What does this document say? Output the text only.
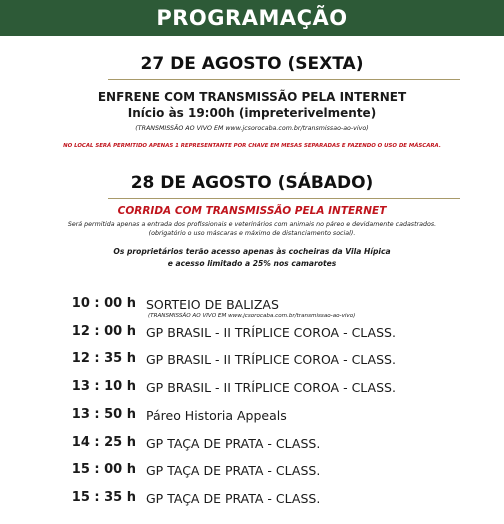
PROGRAMAÇÃO
27 DE AGOSTO (SEXTA)
ENFRENE COM TRANSMISSÃO PELA INTERNET
Início às 19:00h (impreterivelmente)
(TRANSMISSÃO AO VIVO EM www.jcsorocaba.com.br/transmissao-ao-vivo)
NO LOCAL SERÁ PERMITIDO APENAS 1 REPRESENTANTE POR CHAVE EM MESAS SEPARADAS E FAZENDO O USO DE MÁSCARA.
28 DE AGOSTO (SÁBADO)
CORRIDA COM TRANSMISSÃO PELA INTERNET
Será permitida apenas a entrada dos profissionais e veterinários com animais no páreo e devidamente cadastrados.
(obrigatório o uso máscaras e máximo de distanciamento social).
Os proprietários terão acesso apenas às cocheiras da Vila Hípica
e acesso limitado a 25% nos camarotes
10 : 00 h SORTEIO DE BALIZAS
(TRANSMISSÃO AO VIVO EM www.jcsorocaba.com.br/transmissao-ao-vivo)
12 : 00 h GP BRASIL - II TRÍPLICE COROA - CLASS.
12 : 35 h GP BRASIL - II TRÍPLICE COROA - CLASS.
13 : 10 h GP BRASIL - II TRÍPLICE COROA - CLASS.
13 : 50 h Páreo Historia Appeals
14 : 25 h GP TAÇA DE PRATA - CLASS.
15 : 00 h GP TAÇA DE PRATA - CLASS.
15 : 35 h GP TAÇA DE PRATA - CLASS.
